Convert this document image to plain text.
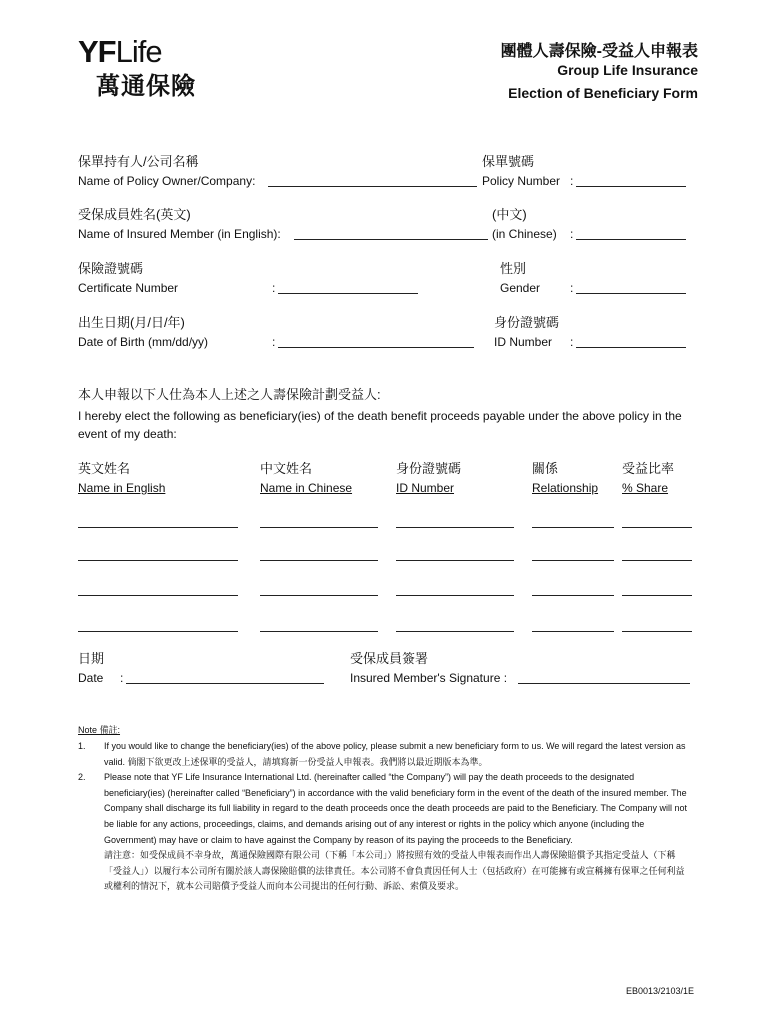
YFLife
萬通保險
團體人壽保險-受益人申報表
Group Life Insurance
Election of Beneficiary Form
保單持有人/公司名稱
Name of Policy Owner/Company:
保單號碼
Policy Number :
受保成員姓名(英文)
Name of Insured Member (in English):
(中文)
(in Chinese) :
保險證號碼
Certificate Number	:
性別
Gender :
出生日期(月/日/年)
Date of Birth (mm/dd/yy)	:
身份證號碼
ID Number :
本人申報以下人仕為本人上述之人壽保險計劃受益人:
I hereby elect the following as beneficiary(ies) of the death benefit proceeds payable under the above policy in the event of my death:
英文姓名
Name in English
中文姓名
Name in Chinese
身份證號碼
ID Number
關係
Relationship
受益比率
% Share
日期
Date :
受保成員簽署
Insured Member's Signature :
Note 備註:
1. If you would like to change the beneficiary(ies) of the above policy, please submit a new beneficiary form to us. We will regard the latest version as valid. 倘閣下欲更改上述保單的受益人，請填寫新一份受益人申報表。我們將以最近期版本為準。
2. Please note that YF Life Insurance International Ltd. (hereinafter called “the Company”) will pay the death proceeds to the designated beneficiary(ies) (hereinafter called “Beneficiary”) in accordance with the valid beneficiary form in the event of the death of the insured member. The Company shall discharge its full liability in regard to the death proceeds once the death proceeds are paid to the Beneficiary. The Company will not be liable for any actions, proceedings, claims, and demands arising out of any interest or rights in the policy which anyone (including the Government) may have or claim to have against the Company by reason of its paying the proceeds to the Beneficiary.
請注意：如受保成員不幸身故，萬通保險國際有限公司（下稱「本公司」）將按照有效的受益人申報表而作出人壽保險賠償予其指定受益人（下稱「受益人」）以履行本公司所有關於該人壽保險賠償的法律責任。本公司將不會負責因任何人士（包括政府）在可能擁有或宣稱擁有保單之任何利益或權利的情況下，就本公司賠償予受益人而向本公司提出的任何行動、訴訟、索償及要求。
EB0013/2103/1E
